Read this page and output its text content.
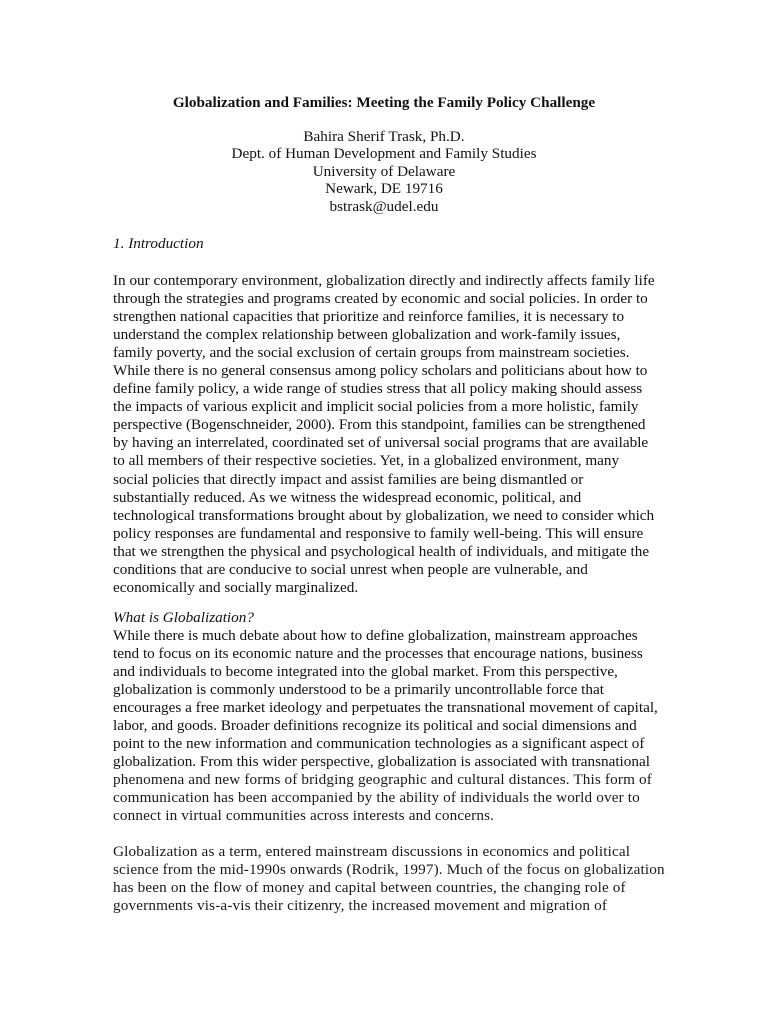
Globalization and Families: Meeting the Family Policy Challenge
Bahira Sherif Trask, Ph.D.
Dept. of Human Development and Family Studies
University of Delaware
Newark, DE 19716
bstrask@udel.edu
1. Introduction

In our contemporary environment, globalization directly and indirectly affects family life
through the strategies and programs created by economic and social policies. In order to
strengthen national capacities that prioritize and reinforce families, it is necessary to
understand the complex relationship between globalization and work-family issues,
family poverty, and the social exclusion of certain groups from mainstream societies.
While there is no general consensus among policy scholars and politicians about how to
define family policy, a wide range of studies stress that all policy making should assess
the impacts of various explicit and implicit social policies from a more holistic, family
perspective (Bogenschneider, 2000). From this standpoint, families can be strengthened
by having an interrelated, coordinated set of universal social programs that are available
to all members of their respective societies. Yet, in a globalized environment, many
social policies that directly impact and assist families are being dismantled or
substantially reduced. As we witness the widespread economic, political, and
technological transformations brought about by globalization, we need to consider which
policy responses are fundamental and responsive to family well-being. This will ensure
that we strengthen the physical and psychological health of individuals, and mitigate the
conditions that are conducive to social unrest when people are vulnerable, and
economically and socially marginalized.

What is Globalization?

While there is much debate about how to define globalization, mainstream approaches
tend to focus on its economic nature and the processes that encourage nations, business
and individuals to become integrated into the global market. From this perspective,
globalization is commonly understood to be a primarily uncontrollable force that
encourages a free market ideology and perpetuates the transnational movement of capital,
labor, and goods. Broader definitions recognize its political and social dimensions and
point to the new information and communication technologies as a significant aspect of
globalization. From this wider perspective, globalization is associated with transnational
phenomena and new forms of bridging geographic and cultural distances. This form of
communication has been accompanied by the ability of individuals the world over to
connect in virtual communities across interests and concerns.

Globalization as a term, entered mainstream discussions in economics and political
science from the mid-1990s onwards (Rodrik, 1997). Much of the focus on globalization
has been on the flow of money and capital between countries, the changing role of
governments vis-a-vis their citizenry, the increased movement and migration of
